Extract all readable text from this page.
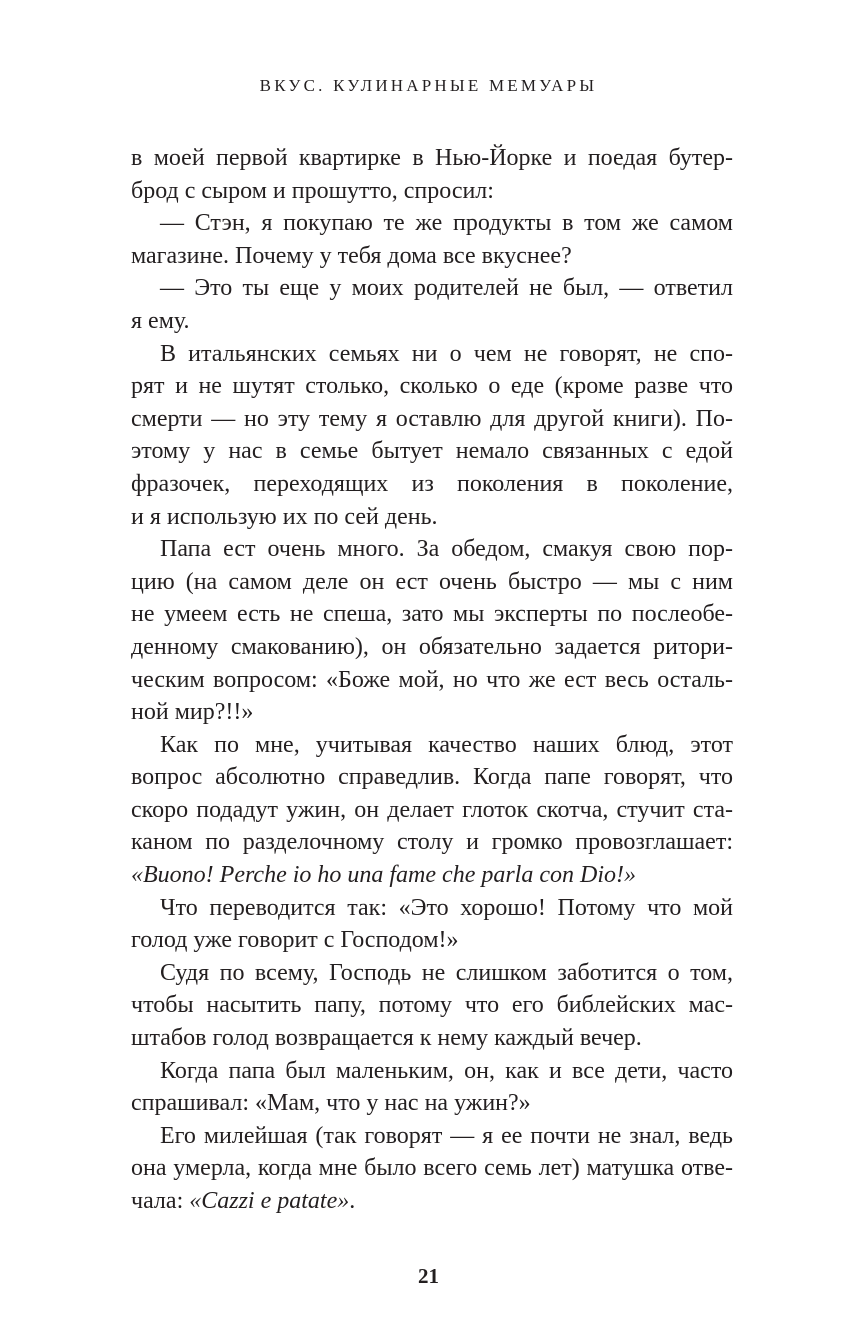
ВКУС. КУЛИНАРНЫЕ МЕМУАРЫ
в моей первой квартирке в Нью-Йорке и поедая бутер-
брод с сыром и прошутто, спросил:
— Стэн, я покупаю те же продукты в том же самом
магазине. Почему у тебя дома все вкуснее?
— Это ты еще у моих родителей не был, — ответил
я ему.
В итальянских семьях ни о чем не говорят, не спо-
рят и не шутят столько, сколько о еде (кроме разве что
смерти — но эту тему я оставлю для другой книги). По-
этому у нас в семье бытует немало связанных с едой
фразочек, переходящих из поколения в поколение,
и я использую их по сей день.
Папа ест очень много. За обедом, смакуя свою пор-
цию (на самом деле он ест очень быстро — мы с ним
не умеем есть не спеша, зато мы эксперты по послеобе-
денному смакованию), он обязательно задается ритори-
ческим вопросом: «Боже мой, но что же ест весь осталь-
ной мир?!!»
Как по мне, учитывая качество наших блюд, этот
вопрос абсолютно справедлив. Когда папе говорят, что
скоро подадут ужин, он делает глоток скотча, стучит ста-
каном по разделочному столу и громко провозглашает:
«Buono! Perche io ho una fame che parla con Dio!»
Что переводится так: «Это хорошо! Потому что мой
голод уже говорит с Господом!»
Судя по всему, Господь не слишком заботится о том,
чтобы насытить папу, потому что его библейских мас-
штабов голод возвращается к нему каждый вечер.
Когда папа был маленьким, он, как и все дети, часто
спрашивал: «Мам, что у нас на ужин?»
Его милейшая (так говорят — я ее почти не знал, ведь
она умерла, когда мне было всего семь лет) матушка отве-
чала: «Cazzi e patate».
21
